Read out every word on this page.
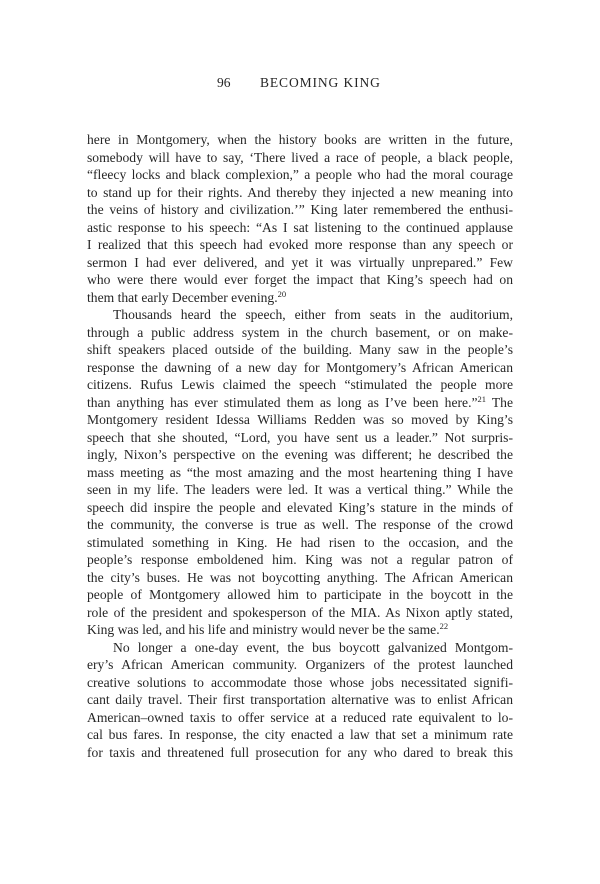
96 BECOMING KING
here in Montgomery, when the history books are written in the future,
somebody will have to say, ‘There lived a race of people, a black people,
“fleecy locks and black complexion,” a people who had the moral courage
to stand up for their rights. And thereby they injected a new meaning into
the veins of history and civilization.’” King later remembered the enthusi-
astic response to his speech: “As I sat listening to the continued applause
I realized that this speech had evoked more response than any speech or
sermon I had ever delivered, and yet it was virtually unprepared.” Few
who were there would ever forget the impact that King’s speech had on
them that early December evening.$^{20}$
Thousands heard the speech, either from seats in the auditorium,
through a public address system in the church basement, or on make-
shift speakers placed outside of the building. Many saw in the people’s
response the dawning of a new day for Montgomery’s African American
citizens. Rufus Lewis claimed the speech “stimulated the people more
than anything has ever stimulated them as long as I’ve been here.”$^{21}$ The
Montgomery resident Idessa Williams Redden was so moved by King’s
speech that she shouted, “Lord, you have sent us a leader.” Not surpris-
ingly, Nixon’s perspective on the evening was different; he described the
mass meeting as “the most amazing and the most heartening thing I have
seen in my life. The leaders were led. It was a vertical thing.” While the
speech did inspire the people and elevated King’s stature in the minds of
the community, the converse is true as well. The response of the crowd
stimulated something in King. He had risen to the occasion, and the
people’s response emboldened him. King was not a regular patron of
the city’s buses. He was not boycotting anything. The African American
people of Montgomery allowed him to participate in the boycott in the
role of the president and spokesperson of the MIA. As Nixon aptly stated,
King was led, and his life and ministry would never be the same.$^{22}$
No longer a one-day event, the bus boycott galvanized Montgom-
ery’s African American community. Organizers of the protest launched
creative solutions to accommodate those whose jobs necessitated signifi-
cant daily travel. Their first transportation alternative was to enlist African
American–owned taxis to offer service at a reduced rate equivalent to lo-
cal bus fares. In response, the city enacted a law that set a minimum rate
for taxis and threatened full prosecution for any who dared to break this
